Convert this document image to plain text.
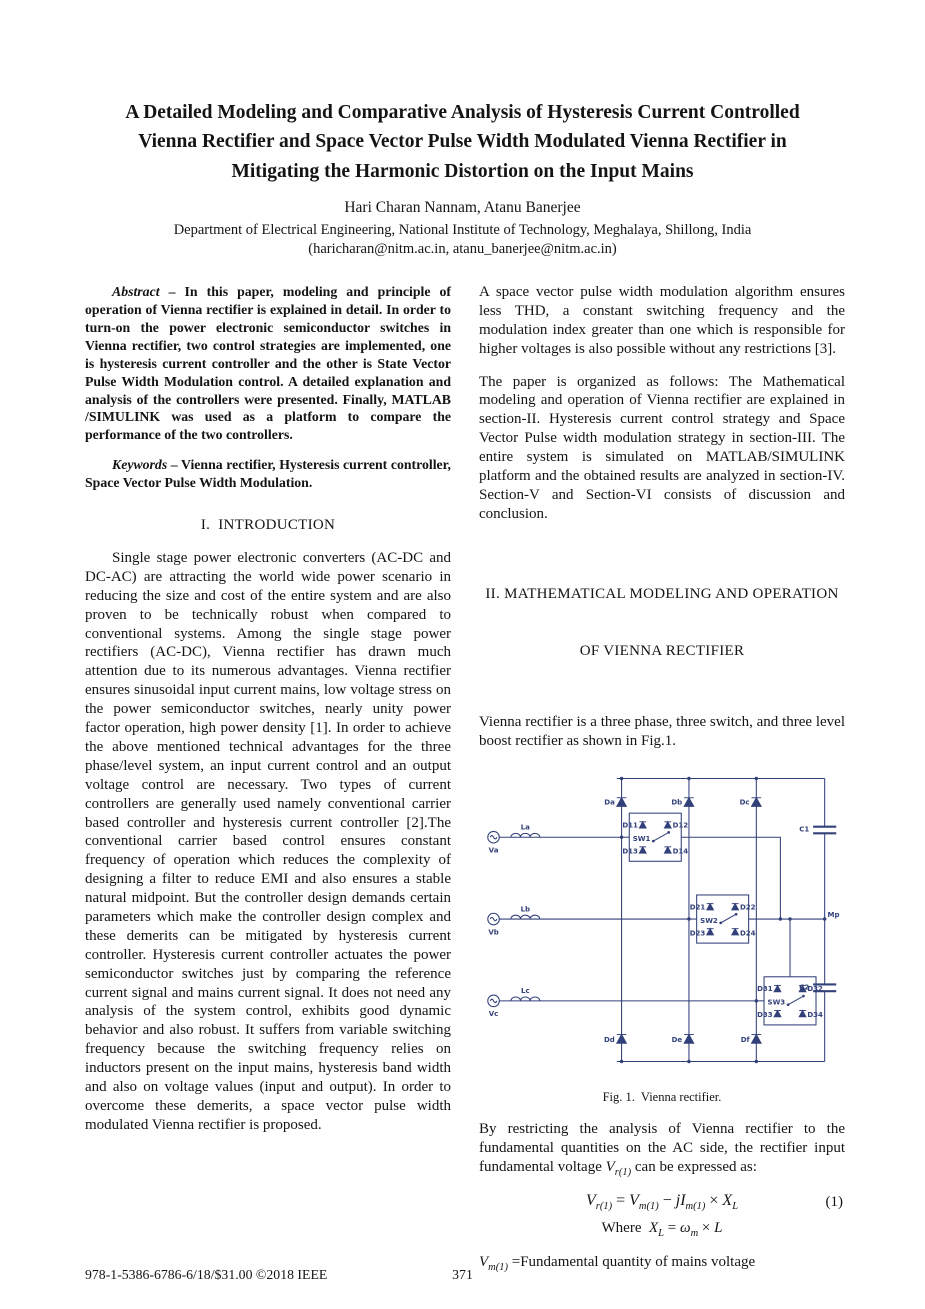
A Detailed Modeling and Comparative Analysis of Hysteresis Current Controlled
Vienna Rectifier and Space Vector Pulse Width Modulated Vienna Rectifier in
Mitigating the Harmonic Distortion on the Input Mains
Hari Charan Nannam, Atanu Banerjee
Department of Electrical Engineering, National Institute of Technology, Meghalaya, Shillong, India
(haricharan@nitm.ac.in, atanu_banerjee@nitm.ac.in)

Abstract – In this paper, modeling and principle of operation of Vienna rectifier is explained in detail. In order to turn-on the power electronic semiconductor switches in Vienna rectifier, two control strategies are implemented, one is hysteresis current controller and the other is State Vector Pulse Width Modulation control. A detailed explanation and analysis of the controllers were presented. Finally, MATLAB /SIMULINK was used as a platform to compare the performance of the two controllers.

Keywords – Vienna rectifier, Hysteresis current controller, Space Vector Pulse Width Modulation.

I.  INTRODUCTION

Single stage power electronic converters (AC-DC and DC-AC) are attracting the world wide power scenario in reducing the size and cost of the entire system and are also proven to be technically robust when compared to conventional systems. Among the single stage power rectifiers (AC-DC), Vienna rectifier has drawn much attention due to its numerous advantages. Vienna rectifier ensures sinusoidal input current mains, low voltage stress on the power semiconductor switches, nearly unity power factor operation, high power density [1]. In order to achieve the above mentioned technical advantages for the three phase/level system, an input current control and an output voltage control are necessary. Two types of current controllers are generally used namely conventional carrier based controller and hysteresis current controller [2].The conventional carrier based control ensures constant frequency of operation which reduces the complexity of designing a filter to reduce EMI and also ensures a stable natural midpoint. But the controller design demands certain parameters which make the controller design complex and these demerits can be mitigated by hysteresis current controller. Hysteresis current controller actuates the power semiconductor switches just by comparing the reference current signal and mains current signal. It does not need any analysis of the system control, exhibits good dynamic behavior and also robust. It suffers from variable switching frequency because the switching frequency relies on inductors present on the input mains, hysteresis band width and also on voltage values (input and output). In order to overcome these demerits, a space vector pulse width modulated Vienna rectifier is proposed.

A space vector pulse width modulation algorithm ensures less THD, a constant switching frequency and the modulation index greater than one which is responsible for higher voltages is also possible without any restrictions [3].

The paper is organized as follows: The Mathematical modeling and operation of Vienna rectifier are explained in section-II. Hysteresis current control strategy and Space Vector Pulse width modulation strategy in section-III. The entire system is simulated on MATLAB/SIMULINK platform and the obtained results are analyzed in section-IV. Section-V and Section-VI consists of discussion and conclusion.

II. MATHEMATICAL MODELING AND OPERATION

OF VIENNA RECTIFIER

Vienna rectifier is a three phase, three switch, and three level boost rectifier as shown in Fig.1.

Da	Db	Dc
Dd	De	Df
D11	D12
SW1
D13	D14
D21	D22
SW2
D23	D24
D31	D32
SW3
D33	D34
C1
C2
Mp
Va
La
Vb
Lb
Vc
Lc
Fig. 1.  Vienna rectifier.

By restricting the analysis of Vienna rectifier to the fundamental quantities on the AC side, the rectifier input fundamental voltage $V_{r(1)}$ can be expressed as:

$V_{r(1)} = V_{m(1)} - jI_{m(1)} \times X_L$	(1)
Where  $X_L = \omega_m \times L$

$V_{m(1)}$ =Fundamental quantity of mains voltage

978-1-5386-6786-6/18/$31.00 ©2018 IEEE	371
